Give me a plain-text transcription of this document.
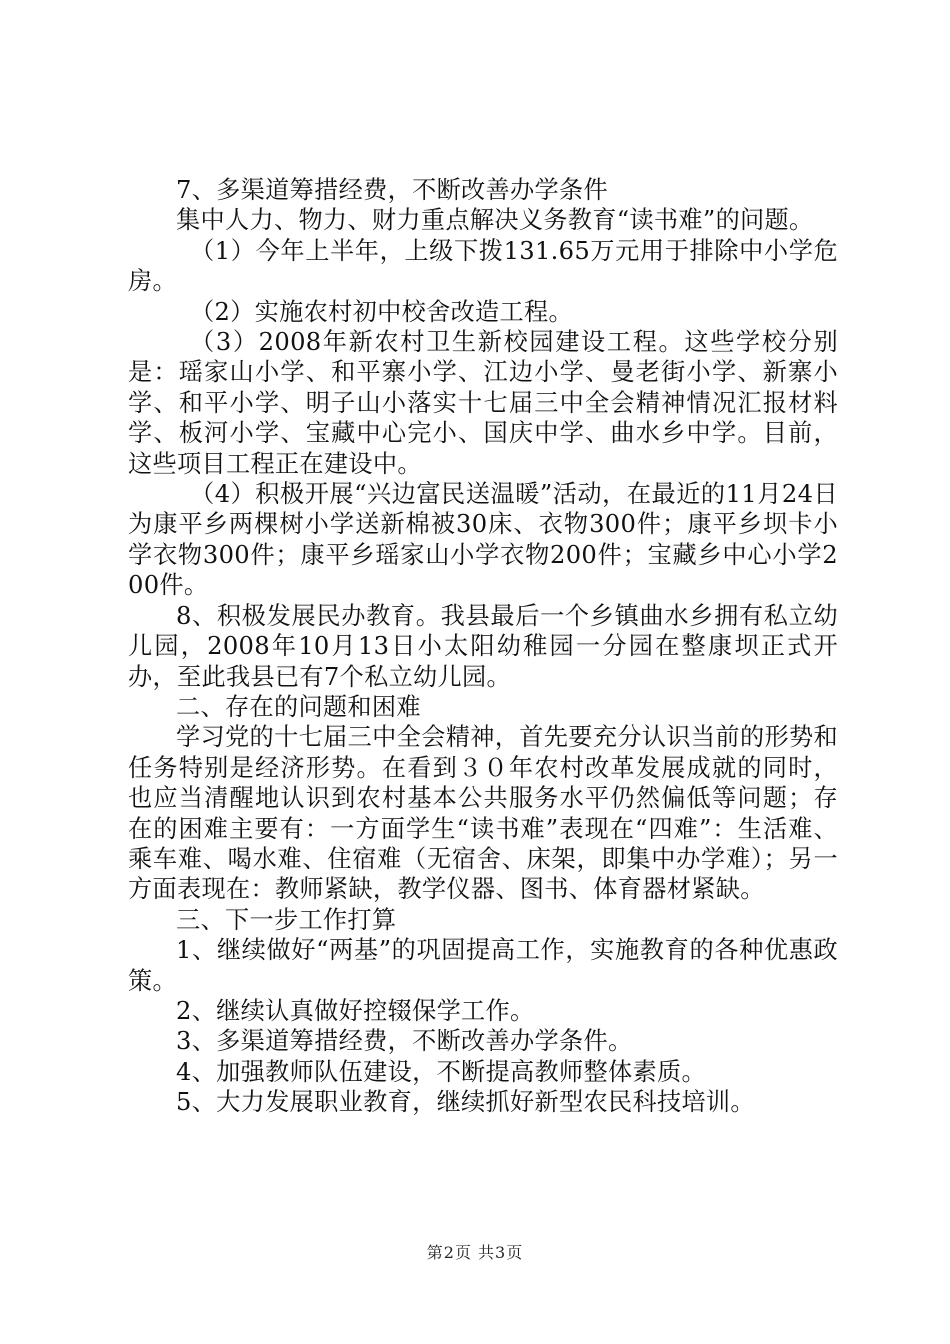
7、多渠道筹措经费，不断改善办学条件

集中人力、物力、财力重点解决义务教育“读书难”的问题。

（1）今年上半年，上级下拨131.65万元用于排除中小学危房。

（2）实施农村初中校舍改造工程。

（3）2008年新农村卫生新校园建设工程。这些学校分别是：瑶家山小学、和平寨小学、江边小学、曼老街小学、新寨小学、和平小学、明子山小落实十七届三中全会精神情况汇报材料学、板河小学、宝藏中心完小、国庆中学、曲水乡中学。目前，这些项目工程正在建设中。

（4）积极开展“兴边富民送温暖”活动，在最近的11月24日为康平乡两棵树小学送新棉被30床、衣物300件；康平乡坝卡小学衣物300件；康平乡瑶家山小学衣物200件；宝藏乡中心小学200件。

8、积极发展民办教育。我县最后一个乡镇曲水乡拥有私立幼儿园，2008年10月13日小太阳幼稚园一分园在整康坝正式开办，至此我县已有7个私立幼儿园。

二、存在的问题和困难

学习党的十七届三中全会精神，首先要充分认识当前的形势和任务特别是经济形势。在看到３０年农村改革发展成就的同时，也应当清醒地认识到农村基本公共服务水平仍然偏低等问题；存在的困难主要有：一方面学生“读书难”表现在“四难”：生活难、乘车难、喝水难、住宿难（无宿舍、床架，即集中办学难）；另一方面表现在：教师紧缺，教学仪器、图书、体育器材紧缺。

三、下一步工作打算

1、继续做好“两基”的巩固提高工作，实施教育的各种优惠政策。

2、继续认真做好控辍保学工作。

3、多渠道筹措经费，不断改善办学条件。

4、加强教师队伍建设，不断提高教师整体素质。

5、大力发展职业教育，继续抓好新型农民科技培训。

第2页 共3页
